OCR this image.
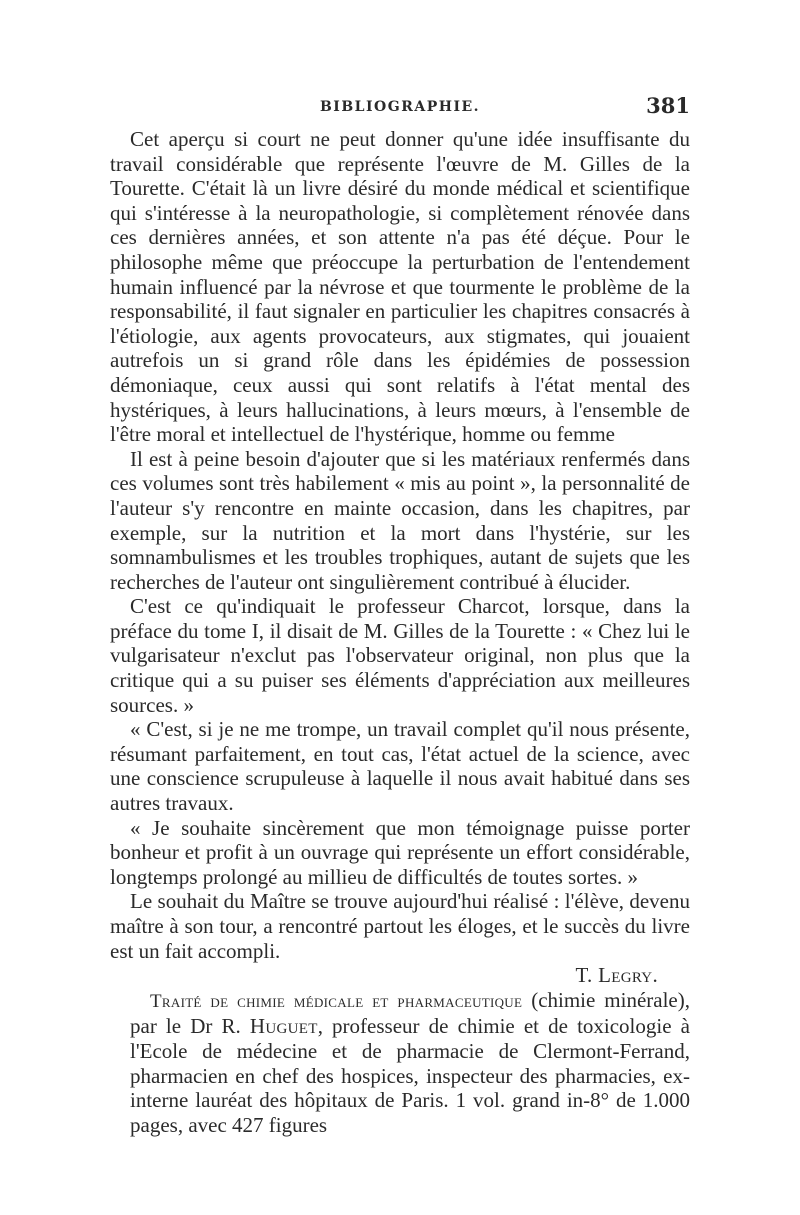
BIBLIOGRAPHIE.	381

Cet aperçu si court ne peut donner qu'une idée insuffisante du travail considérable que représente l'œuvre de M. Gilles de la Tourette. C'était là un livre désiré du monde médical et scientifique qui s'intéresse à la neuropathologie, si complètement rénovée dans ces dernières années, et son attente n'a pas été déçue. Pour le philosophe même que préoccupe la perturbation de l'entendement humain influencé par la névrose et que tourmente le problème de la responsabilité, il faut signaler en particulier les chapitres consacrés à l'étiologie, aux agents provocateurs, aux stigmates, qui jouaient autrefois un si grand rôle dans les épidémies de possession démoniaque, ceux aussi qui sont relatifs à l'état mental des hystériques, à leurs hallucinations, à leurs mœurs, à l'ensemble de l'être moral et intellectuel de l'hystérique, homme ou femme

Il est à peine besoin d'ajouter que si les matériaux renfermés dans ces volumes sont très habilement « mis au point », la personnalité de l'auteur s'y rencontre en mainte occasion, dans les chapitres, par exemple, sur la nutrition et la mort dans l'hystérie, sur les somnambulismes et les troubles trophiques, autant de sujets que les recherches de l'auteur ont singulièrement contribué à élucider.

C'est ce qu'indiquait le professeur Charcot, lorsque, dans la préface du tome I, il disait de M. Gilles de la Tourette : « Chez lui le vulgarisateur n'exclut pas l'observateur original, non plus que la critique qui a su puiser ses éléments d'appréciation aux meilleures sources. »

« C'est, si je ne me trompe, un travail complet qu'il nous présente, résumant parfaitement, en tout cas, l'état actuel de la science, avec une conscience scrupuleuse à laquelle il nous avait habitué dans ses autres travaux.

« Je souhaite sincèrement que mon témoignage puisse porter bonheur et profit à un ouvrage qui représente un effort considérable, longtemps prolongé au millieu de difficultés de toutes sortes. »

Le souhait du Maître se trouve aujourd'hui réalisé : l'élève, devenu maître à son tour, a rencontré partout les éloges, et le succès du livre est un fait accompli.

T. Legry.

Traité de chimie médicale et pharmaceutique (chimie minérale), par le Dr R. Huguet, professeur de chimie et de toxicologie à l'Ecole de médecine et de pharmacie de Clermont-Ferrand, pharmacien en chef des hospices, inspecteur des pharmacies, ex-interne lauréat des hôpitaux de Paris. 1 vol. grand in-8° de 1.000 pages, avec 427 figures
